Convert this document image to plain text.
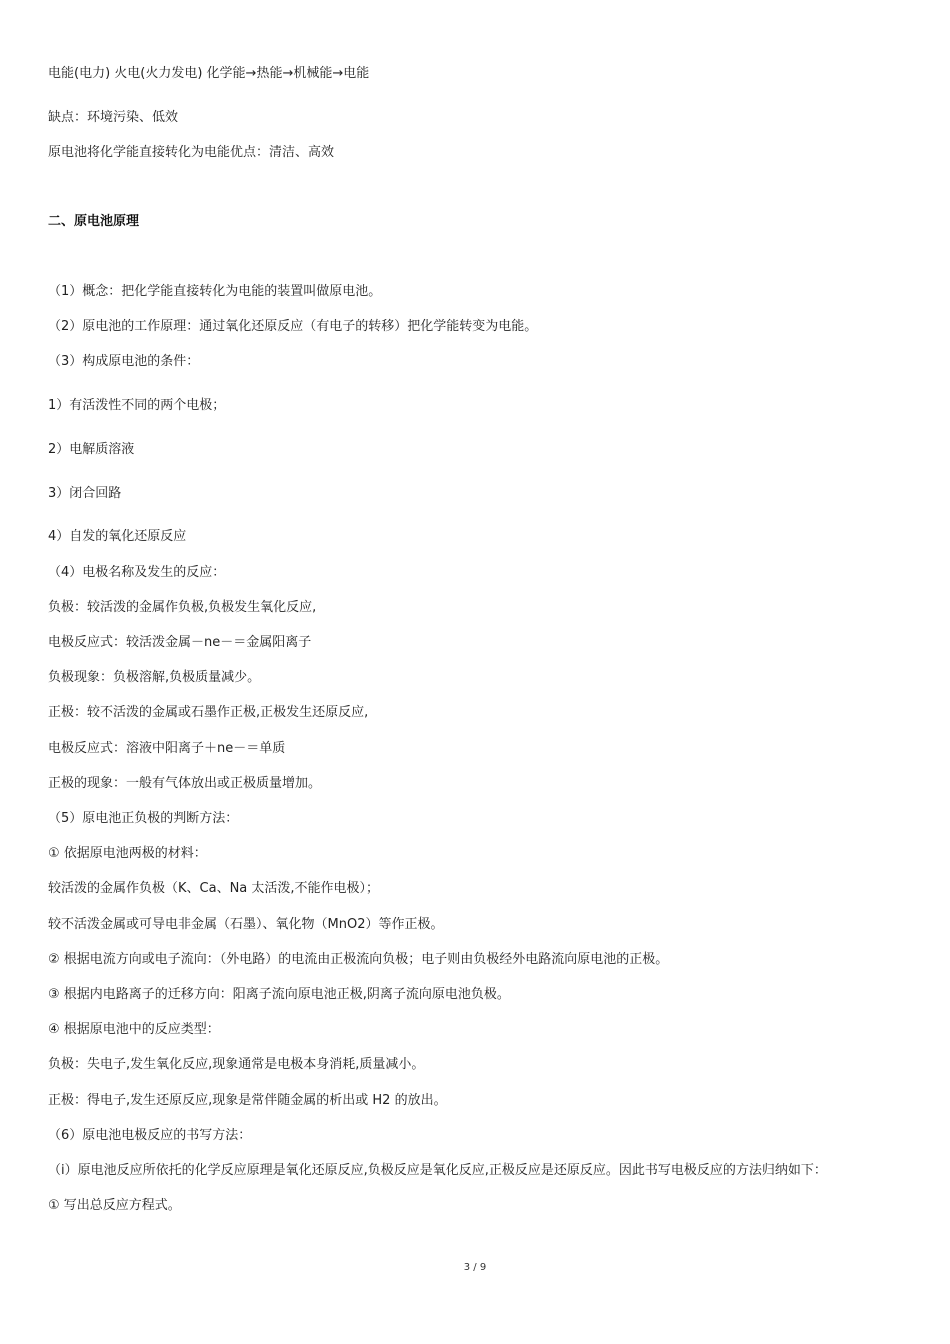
电能(电力) 火电(火力发电) 化学能→热能→机械能→电能
缺点：环境污染、低效
原电池将化学能直接转化为电能优点：清洁、高效
二、原电池原理
（1）概念：把化学能直接转化为电能的装置叫做原电池。
（2）原电池的工作原理：通过氧化还原反应（有电子的转移）把化学能转变为电能。
（3）构成原电池的条件：
1）有活泼性不同的两个电极；
2）电解质溶液
3）闭合回路
4）自发的氧化还原反应
（4）电极名称及发生的反应：
负极：较活泼的金属作负极,负极发生氧化反应,
电极反应式：较活泼金属－ne－＝金属阳离子
负极现象：负极溶解,负极质量减少。
正极：较不活泼的金属或石墨作正极,正极发生还原反应,
电极反应式：溶液中阳离子＋ne－＝单质
正极的现象：一般有气体放出或正极质量增加。
（5）原电池正负极的判断方法：
① 依据原电池两极的材料：
较活泼的金属作负极（K、Ca、Na 太活泼,不能作电极）；
较不活泼金属或可导电非金属（石墨）、氧化物（MnO2）等作正极。
② 根据电流方向或电子流向：（外电路）的电流由正极流向负极；电子则由负极经外电路流向原电池的正极。
③ 根据内电路离子的迁移方向：阳离子流向原电池正极,阴离子流向原电池负极。
④ 根据原电池中的反应类型：
负极：失电子,发生氧化反应,现象通常是电极本身消耗,质量减小。
正极：得电子,发生还原反应,现象是常伴随金属的析出或 H2 的放出。
（6）原电池电极反应的书写方法：
（i）原电池反应所依托的化学反应原理是氧化还原反应,负极反应是氧化反应,正极反应是还原反应。因此书写电极反应的方法归纳如下：
① 写出总反应方程式。
3 / 9
